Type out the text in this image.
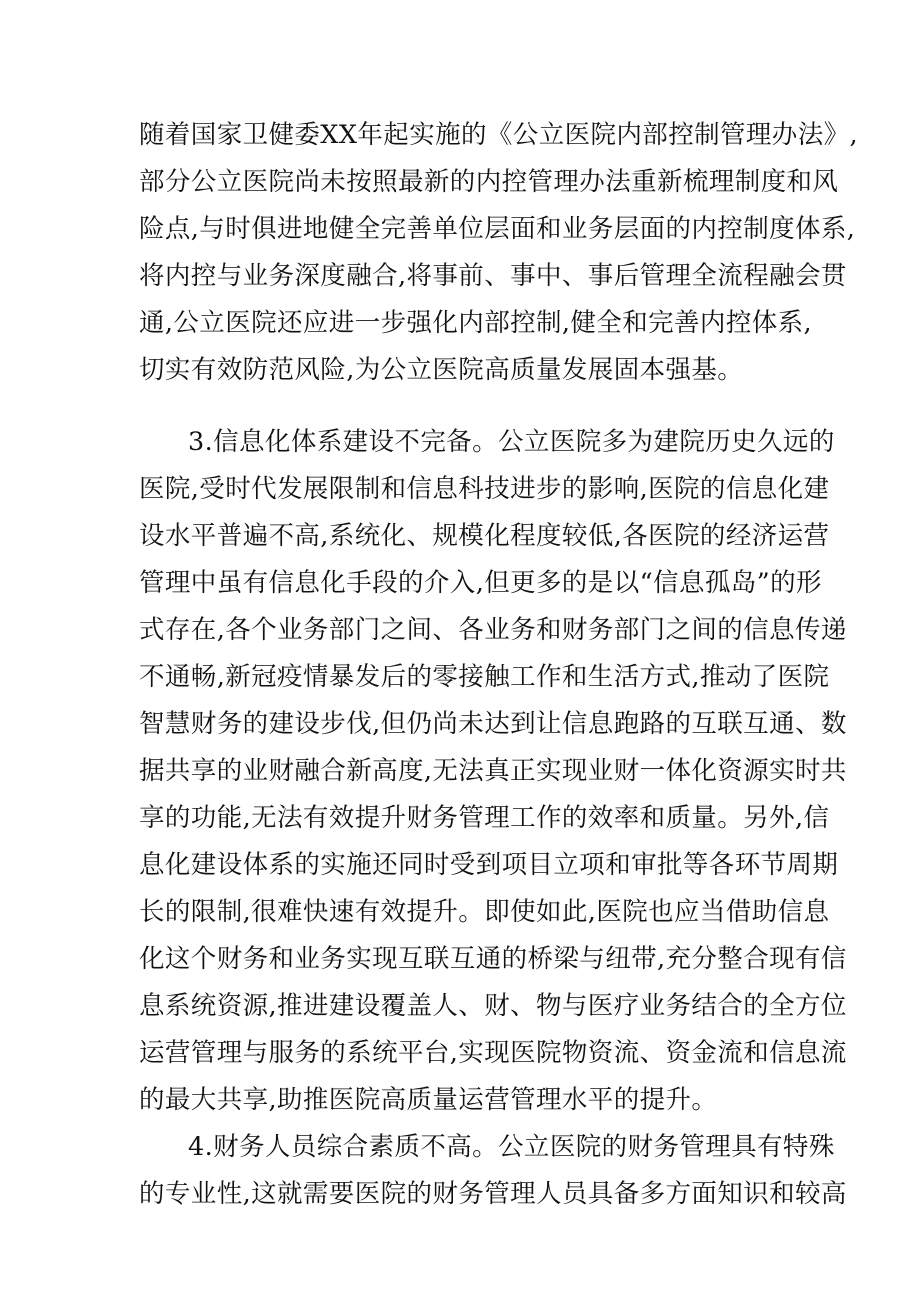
随着国家卫健委XX年起实施的《公立医院内部控制管理办法》,
部分公立医院尚未按照最新的内控管理办法重新梳理制度和风
险点,与时俱进地健全完善单位层面和业务层面的内控制度体系,
将内控与业务深度融合,将事前、事中、事后管理全流程融会贯
通,公立医院还应进一步强化内部控制,健全和完善内控体系,
切实有效防范风险,为公立医院高质量发展固本强基。
3.信息化体系建设不完备。公立医院多为建院历史久远的
医院,受时代发展限制和信息科技进步的影响,医院的信息化建
设水平普遍不高,系统化、规模化程度较低,各医院的经济运营
管理中虽有信息化手段的介入,但更多的是以“信息孤岛”的形
式存在,各个业务部门之间、各业务和财务部门之间的信息传递
不通畅,新冠疫情暴发后的零接触工作和生活方式,推动了医院
智慧财务的建设步伐,但仍尚未达到让信息跑路的互联互通、数
据共享的业财融合新高度,无法真正实现业财一体化资源实时共
享的功能,无法有效提升财务管理工作的效率和质量。另外,信
息化建设体系的实施还同时受到项目立项和审批等各环节周期
长的限制,很难快速有效提升。即使如此,医院也应当借助信息
化这个财务和业务实现互联互通的桥梁与纽带,充分整合现有信
息系统资源,推进建设覆盖人、财、物与医疗业务结合的全方位
运营管理与服务的系统平台,实现医院物资流、资金流和信息流
的最大共享,助推医院高质量运营管理水平的提升。
4.财务人员综合素质不高。公立医院的财务管理具有特殊
的专业性,这就需要医院的财务管理人员具备多方面知识和较高
